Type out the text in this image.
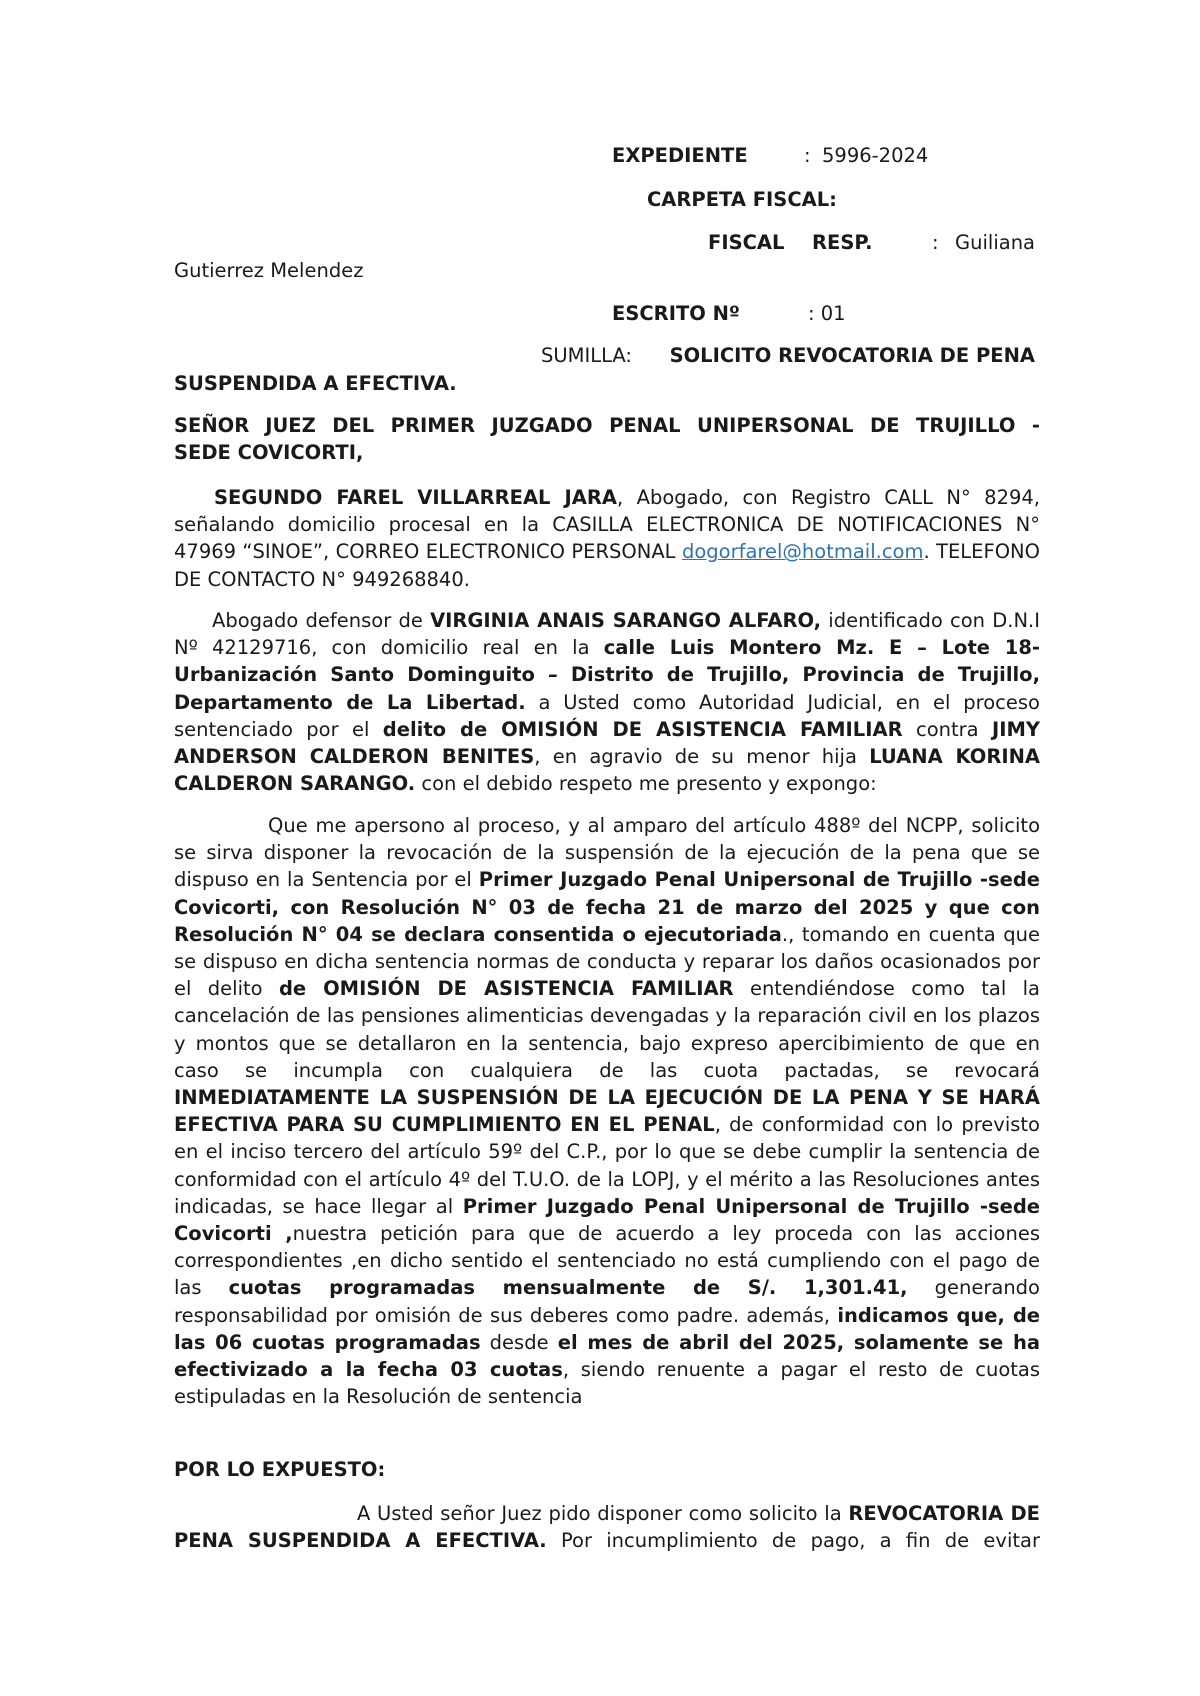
EXPEDIENTE	: 5996-2024
CARPETA FISCAL:
FISCAL RESP.	: Guiliana
Gutierrez Melendez
ESCRITO Nº	: 01
SUMILLA: SOLICITO REVOCATORIA DE PENA
SUSPENDIDA A EFECTIVA.

SEÑOR JUEZ DEL PRIMER JUZGADO PENAL UNIPERSONAL DE TRUJILLO -

SEDE COVICORTI,

SEGUNDO FAREL VILLARREAL JARA, Abogado, con Registro CALL N° 8294, señalando domicilio procesal en la CASILLA ELECTRONICA DE NOTIFICACIONES N° 47969 “SINOE”, CORREO ELECTRONICO PERSONAL dogorfarel@hotmail.com. TELEFONO DE CONTACTO N° 949268840.
Abogado defensor de VIRGINIA ANAIS SARANGO ALFARO, identificado con D.N.I Nº 42129716, con domicilio real en la calle Luis Montero Mz. E – Lote 18-Urbanización Santo Dominguito – Distrito de Trujillo, Provincia de Trujillo, Departamento de La Libertad. a Usted como Autoridad Judicial, en el proceso sentenciado por el delito de OMISIÓN DE ASISTENCIA FAMILIAR contra JIMY ANDERSON CALDERON BENITES, en agravio de su menor hija LUANA KORINA CALDERON SARANGO. con el debido respeto me presento y expongo:
Que me apersono al proceso, y al amparo del artículo 488º del NCPP, solicito se sirva disponer la revocación de la suspensión de la ejecución de la pena que se dispuso en la Sentencia por el Primer Juzgado Penal Unipersonal de Trujillo -sede Covicorti, con Resolución N° 03 de fecha 21 de marzo del 2025 y que con Resolución N° 04 se declara consentida o ejecutoriada., tomando en cuenta que se dispuso en dicha sentencia normas de conducta y reparar los daños ocasionados por el delito de OMISIÓN DE ASISTENCIA FAMILIAR entendiéndose como tal la cancelación de las pensiones alimenticias devengadas y la reparación civil en los plazos y montos que se detallaron en la sentencia, bajo expreso apercibimiento de que en caso se incumpla con cualquiera de las cuota pactadas, se revocará INMEDIATAMENTE LA SUSPENSIÓN DE LA EJECUCIÓN DE LA PENA Y SE HARÁ EFECTIVA PARA SU CUMPLIMIENTO EN EL PENAL, de conformidad con lo previsto en el inciso tercero del artículo 59º del C.P., por lo que se debe cumplir la sentencia de conformidad con el artículo 4º del T.U.O. de la LOPJ, y el mérito a las Resoluciones antes indicadas, se hace llegar al Primer Juzgado Penal Unipersonal de Trujillo -sede Covicorti ,nuestra petición para que de acuerdo a ley proceda con las acciones correspondientes ,en dicho sentido el sentenciado no está cumpliendo con el pago de las cuotas programadas mensualmente de S/. 1,301.41, generando responsabilidad por omisión de sus deberes como padre. además, indicamos que, de las 06 cuotas programadas desde el mes de abril del 2025, solamente se ha efectivizado a la fecha 03 cuotas, siendo renuente a pagar el resto de cuotas estipuladas en la Resolución de sentencia
POR LO EXPUESTO:
A Usted señor Juez pido disponer como solicito la REVOCATORIA DE PENA SUSPENDIDA A EFECTIVA. Por incumplimiento de pago, a fin de evitar
